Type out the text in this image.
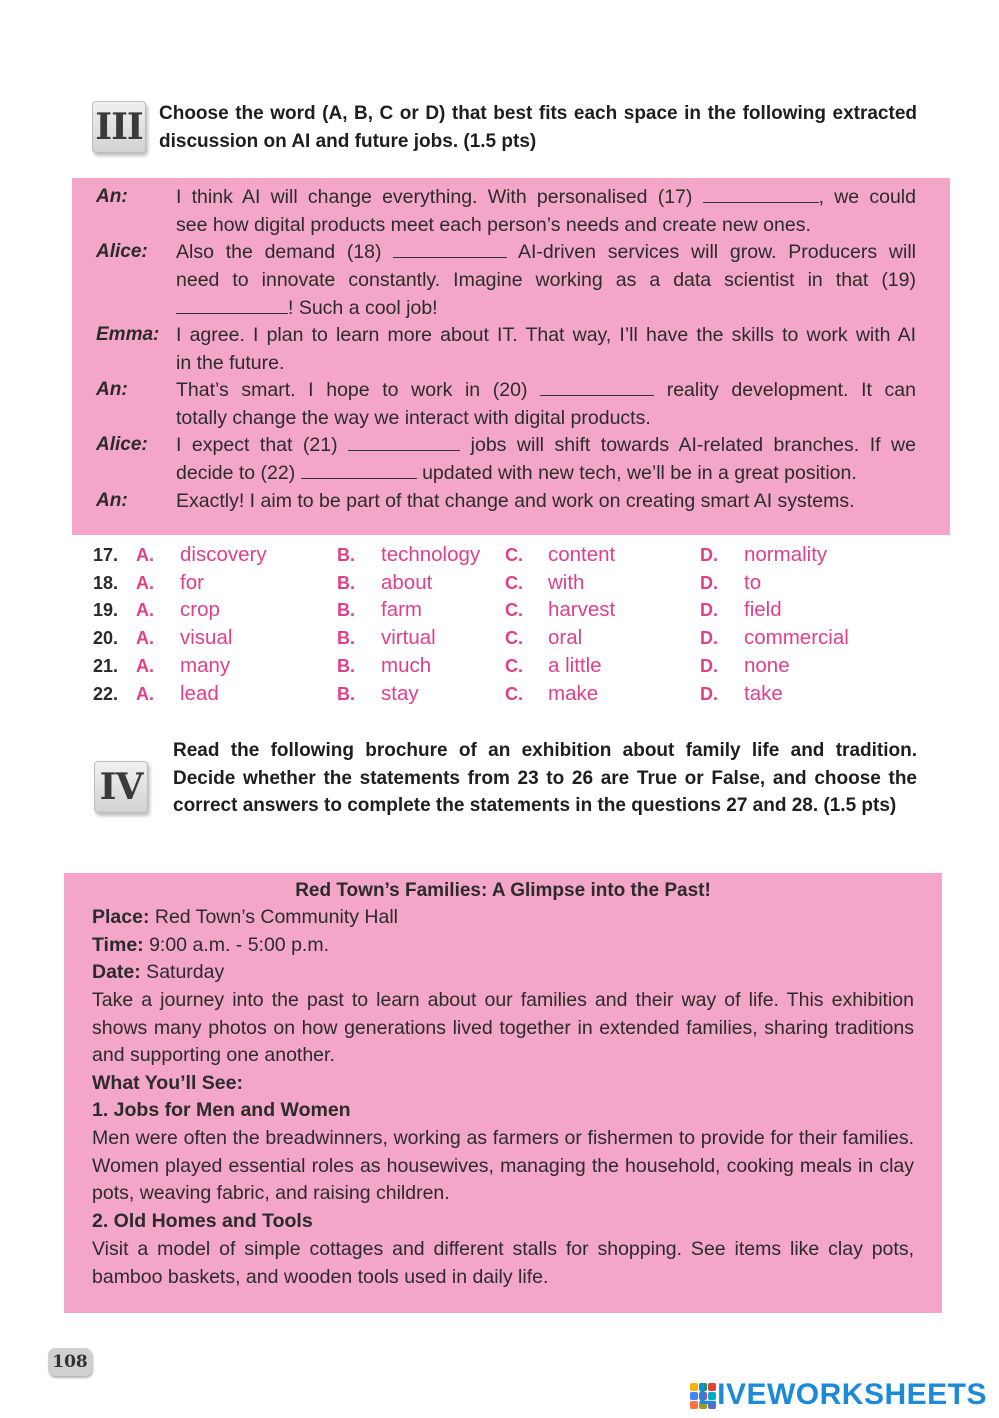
III Choose the word (A, B, C or D) that best fits each space in the following extracted discussion on AI and future jobs. (1.5 pts)
An: I think AI will change everything. With personalised (17)	, we could
see how digital products meet each person’s needs and create new ones.
Alice: Also the demand (18)	AI-driven services will grow. Producers will
need to innovate constantly. Imagine working as a data scientist in that (19)
! Such a cool job!
Emma: I agree. I plan to learn more about IT. That way, I’ll have the skills to work with AI
in the future.
An: That’s smart. I hope to work in (20)	reality development. It can
totally change the way we interact with digital products.
Alice: I expect that (21)	jobs will shift towards AI-related branches. If we
decide to (22)	updated with new tech, we’ll be in a great position.
An: Exactly! I aim to be part of that change and work on creating smart AI systems.
17. A. discovery	B. technology C. content	D. normality
18. A. for	B. about	C. with	D. to
19. A. crop	B. farm	C. harvest	D. field
20. A. visual	B. virtual	C. oral	D. commercial
21. A. many	B. much	C. a little	D. none
22. A. lead	B. stay	C. make	D. take
IV
Read the following brochure of an exhibition about family life and tradition. Decide whether the statements from 23 to 26 are True or False, and choose the correct answers to complete the statements in the questions 27 and 28. (1.5 pts)
Red Town’s Families: A Glimpse into the Past!
Place: Red Town’s Community Hall
Time: 9:00 a.m. - 5:00 p.m.
Date: Saturday
Take a journey into the past to learn about our families and their way of life. This exhibition shows many photos on how generations lived together in extended families, sharing traditions and supporting one another.
What You’ll See:
1. Jobs for Men and Women
Men were often the breadwinners, working as farmers or fishermen to provide for their families. Women played essential roles as housewives, managing the household, cooking meals in clay pots, weaving fabric, and raising children.
2. Old Homes and Tools
Visit a model of simple cottages and different stalls for shopping. See items like clay pots, bamboo baskets, and wooden tools used in daily life.
108
LIVEWORKSHEETS
